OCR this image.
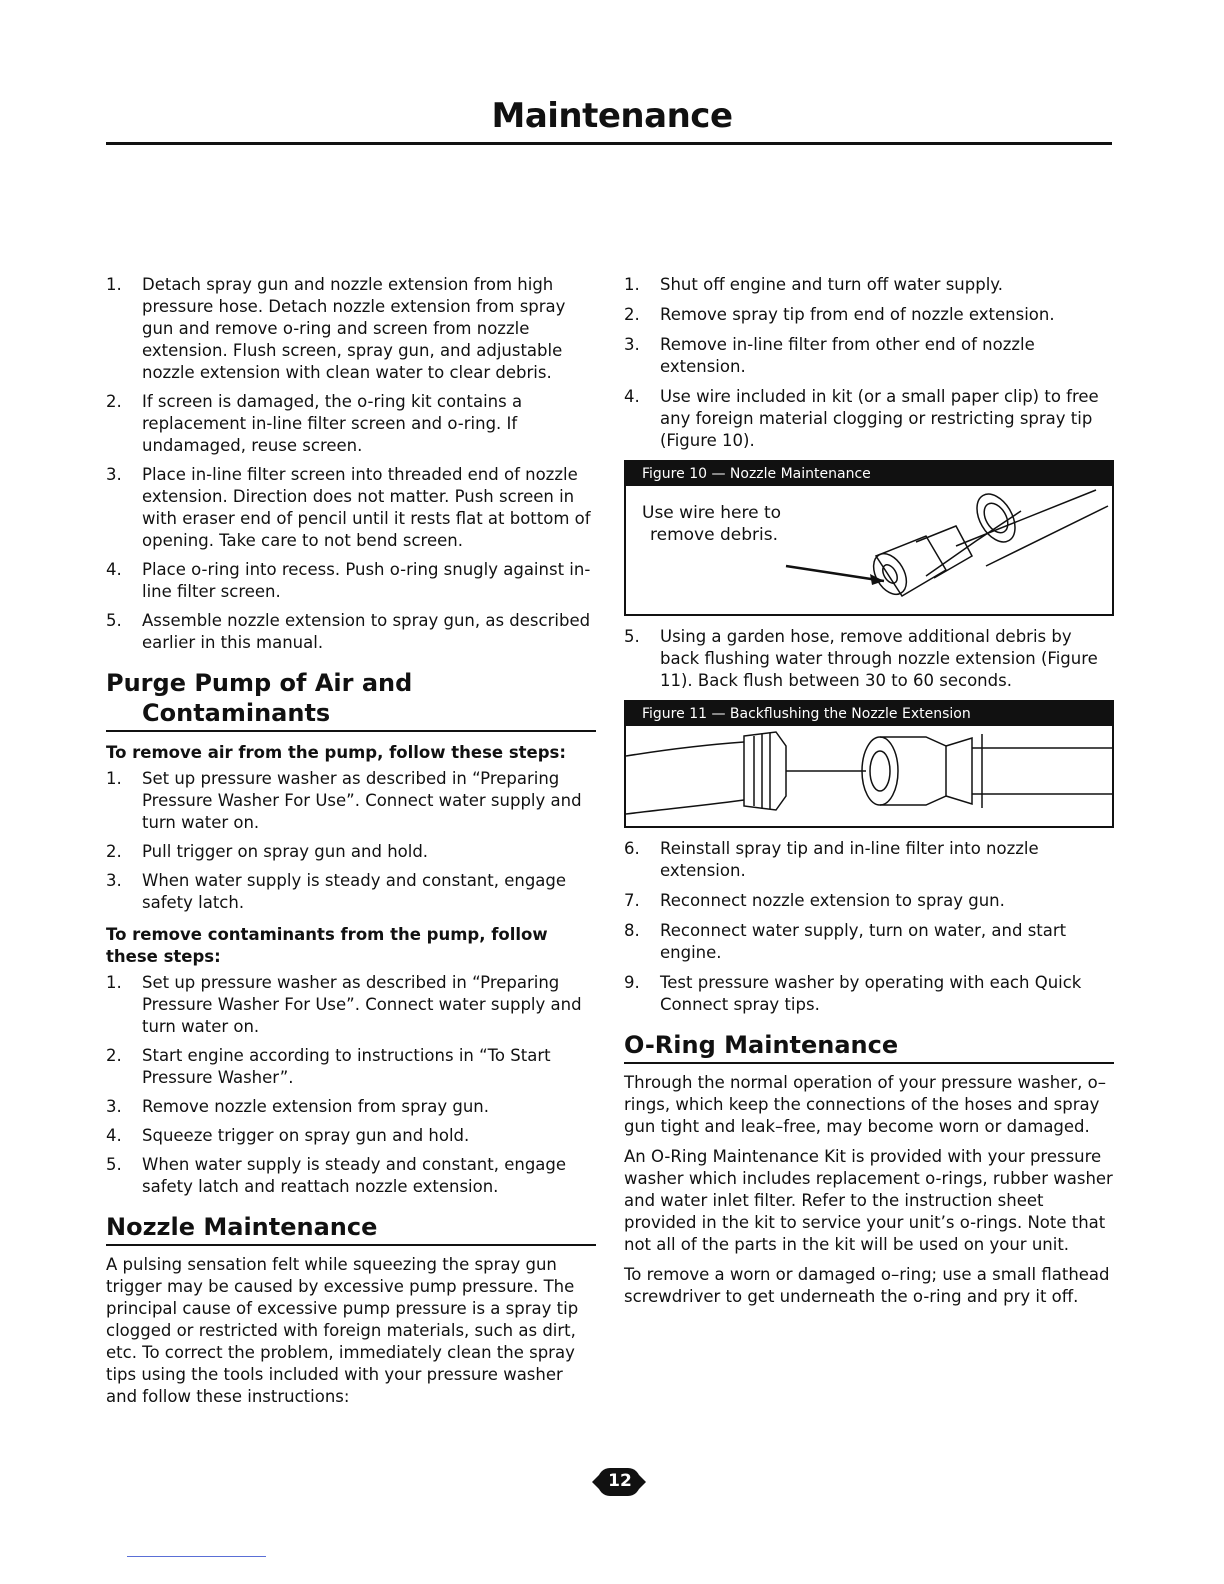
Maintenance
1. Detach spray gun and nozzle extension from high pressure hose. Detach nozzle extension from spray gun and remove o-ring and screen from nozzle extension. Flush screen, spray gun, and adjustable nozzle extension with clean water to clear debris.
2. If screen is damaged, the o-ring kit contains a replacement in-line filter screen and o-ring. If undamaged, reuse screen.
3. Place in-line filter screen into threaded end of nozzle extension. Direction does not matter. Push screen in with eraser end of pencil until it rests flat at bottom of opening. Take care to not bend screen.
4. Place o-ring into recess. Push o-ring snugly against in-line filter screen.
5. Assemble nozzle extension to spray gun, as described earlier in this manual.
Purge Pump of Air and
Contaminants
To remove air from the pump, follow these steps:
1. Set up pressure washer as described in “Preparing Pressure Washer For Use”. Connect water supply and turn water on.
2. Pull trigger on spray gun and hold.
3. When water supply is steady and constant, engage safety latch.
To remove contaminants from the pump, follow these steps:
1. Set up pressure washer as described in “Preparing Pressure Washer For Use”. Connect water supply and turn water on.
2. Start engine according to instructions in “To Start Pressure Washer”.
3. Remove nozzle extension from spray gun.
4. Squeeze trigger on spray gun and hold.
5. When water supply is steady and constant, engage safety latch and reattach nozzle extension.
Nozzle Maintenance

A pulsing sensation felt while squeezing the spray gun trigger may be caused by excessive pump pressure. The principal cause of excessive pump pressure is a spray tip clogged or restricted with foreign materials, such as dirt, etc. To correct the problem, immediately clean the spray tips using the tools included with your pressure washer and follow these instructions:

1. Shut off engine and turn off water supply.
2. Remove spray tip from end of nozzle extension.
3. Remove in-line filter from other end of nozzle extension.
4. Use wire included in kit (or a small paper clip) to free any foreign material clogging or restricting spray tip (Figure 10).
Figure 10 — Nozzle Maintenance
Use wire here to
remove debris.
5. Using a garden hose, remove additional debris by back flushing water through nozzle extension (Figure 11). Back flush between 30 to 60 seconds.
Figure 11 — Backflushing the Nozzle Extension
6. Reinstall spray tip and in-line filter into nozzle extension.
7. Reconnect nozzle extension to spray gun.
8. Reconnect water supply, turn on water, and start engine.
9. Test pressure washer by operating with each Quick Connect spray tips.
O-Ring Maintenance

Through the normal operation of your pressure washer, o–rings, which keep the connections of the hoses and spray gun tight and leak–free, may become worn or damaged.

An O-Ring Maintenance Kit is provided with your pressure washer which includes replacement o-rings, rubber washer and water inlet filter. Refer to the instruction sheet provided in the kit to service your unit’s o-rings. Note that not all of the parts in the kit will be used on your unit.

To remove a worn or damaged o–ring; use a small flathead screwdriver to get underneath the o-ring and pry it off.

12
